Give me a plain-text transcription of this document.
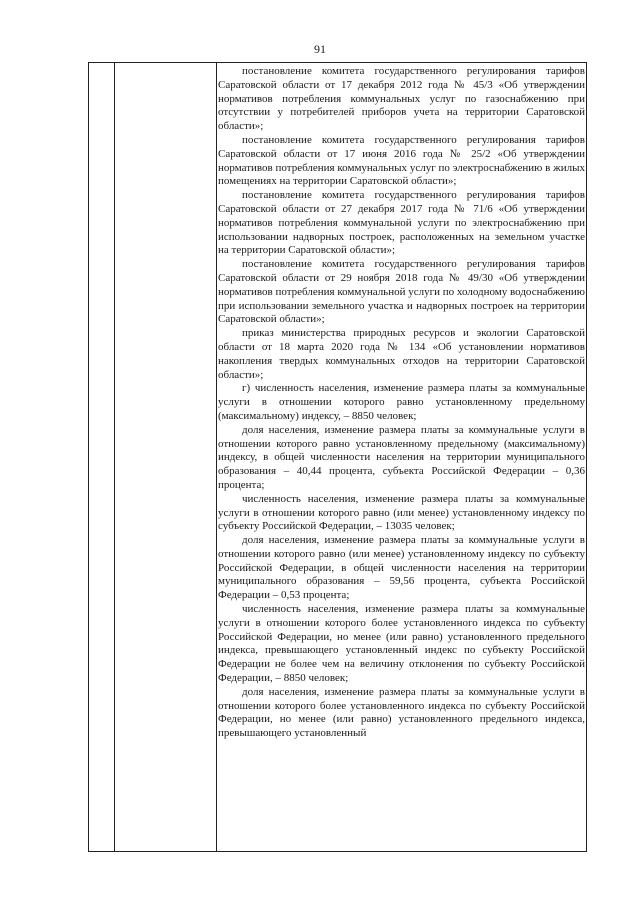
91

постановление комитета государственного регулирования тарифов Саратовской области от 17 декабря 2012 года № 45/3 «Об утверждении нормативов потребления коммунальных услуг по газоснабжению при отсутствии у потребителей приборов учета на территории Саратовской области»;

постановление комитета государственного регулирования тарифов Саратовской области от 17 июня 2016 года № 25/2 «Об утверждении нормативов потребления коммунальных услуг по электроснабжению в жилых помещениях на территории Саратовской области»;

постановление комитета государственного регулирования тарифов Саратовской области от 27 декабря 2017 года № 71/6 «Об утверждении нормативов потребления коммунальной услуги по электроснабжению при использовании надворных построек, расположенных на земельном участке на территории Саратовской области»;

постановление комитета государственного регулирования тарифов Саратовской области от 29 ноября 2018 года № 49/30 «Об утверждении нормативов потребления коммунальной услуги по холодному водоснабжению при использовании земельного участка и надворных построек на территории Саратовской области»;

приказ министерства природных ресурсов и экологии Саратовской области от 18 марта 2020 года № 134 «Об установлении нормативов накопления твердых коммунальных отходов на территории Саратовской области»;

г) численность населения, изменение размера платы за коммунальные услуги в отношении которого равно установленному предельному (максимальному) индексу, – 8850 человек;

доля населения, изменение размера платы за коммунальные услуги в отношении которого равно установленному предельному (максимальному) индексу, в общей численности населения на территории муниципального образования – 40,44 процента, субъекта Российской Федерации – 0,36 процента;

численность населения, изменение размера платы за коммунальные услуги в отношении которого равно (или менее) установленному индексу по субъекту Российской Федерации, – 13035 человек;

доля населения, изменение размера платы за коммунальные услуги в отношении которого равно (или менее) установленному индексу по субъекту Российской Федерации, в общей численности населения на территории муниципального образования – 59,56 процента, субъекта Российской Федерации – 0,53 процента;

численность населения, изменение размера платы за коммунальные услуги в отношении которого более установленного индекса по субъекту Российской Федерации, но менее (или равно) установленного предельного индекса, превышающего установленный индекс по субъекту Российской Федерации не более чем на величину отклонения по субъекту Российской Федерации, – 8850 человек;

доля населения, изменение размера платы за коммунальные услуги в отношении которого более установленного индекса по субъекту Российской Федерации, но менее (или равно) установленного предельного индекса, превышающего установленный
